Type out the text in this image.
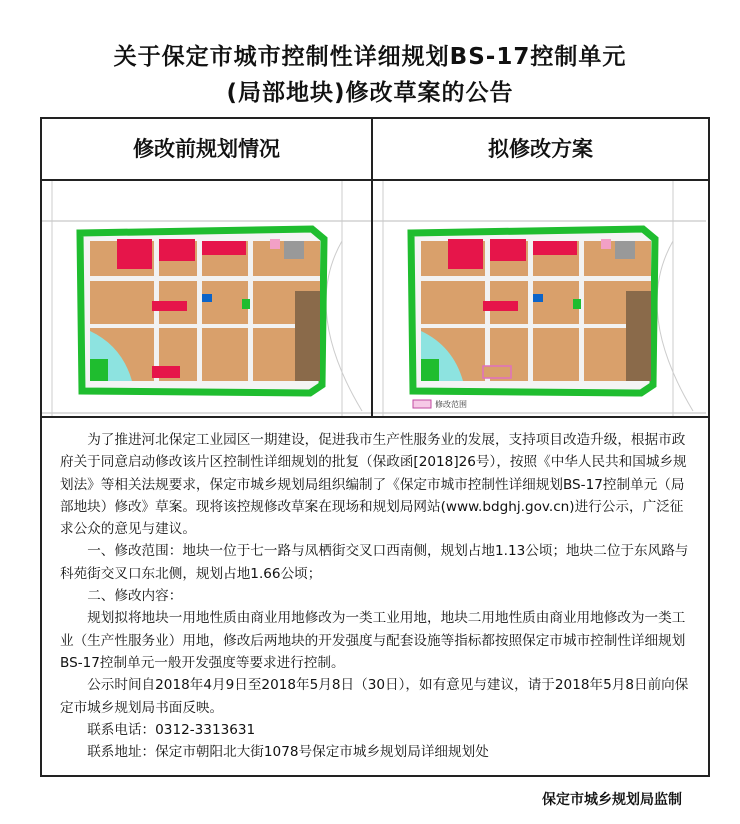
关于保定市城市控制性详细规划BS-17控制单元
(局部地块)修改草案的公告
修改前规划情况	拟修改方案
修改范围

为了推进河北保定工业园区一期建设，促进我市生产性服务业的发展，支持项目改造升级，根据市政府关于同意启动修改该片区控制性详细规划的批复（保政函[2018]26号），按照《中华人民共和国城乡规划法》等相关法规要求，保定市城乡规划局组织编制了《保定市城市控制性详细规划BS-17控制单元（局部地块）修改》草案。现将该控规修改草案在现场和规划局网站(www.bdghj.gov.cn)进行公示，广泛征求公众的意见与建议。

一、修改范围：地块一位于七一路与凤栖街交叉口西南侧，规划占地1.13公顷；地块二位于东风路与科苑街交叉口东北侧，规划占地1.66公顷；

二、修改内容：

规划拟将地块一用地性质由商业用地修改为一类工业用地，地块二用地性质由商业用地修改为一类工业（生产性服务业）用地，修改后两地块的开发强度与配套设施等指标都按照保定市城市控制性详细规划BS-17控制单元一般开发强度等要求进行控制。

公示时间自2018年4月9日至2018年5月8日（30日），如有意见与建议，请于2018年5月8日前向保定市城乡规划局书面反映。

联系电话：0312-3313631

联系地址：保定市朝阳北大街1078号保定市城乡规划局详细规划处

保定市城乡规划局监制
